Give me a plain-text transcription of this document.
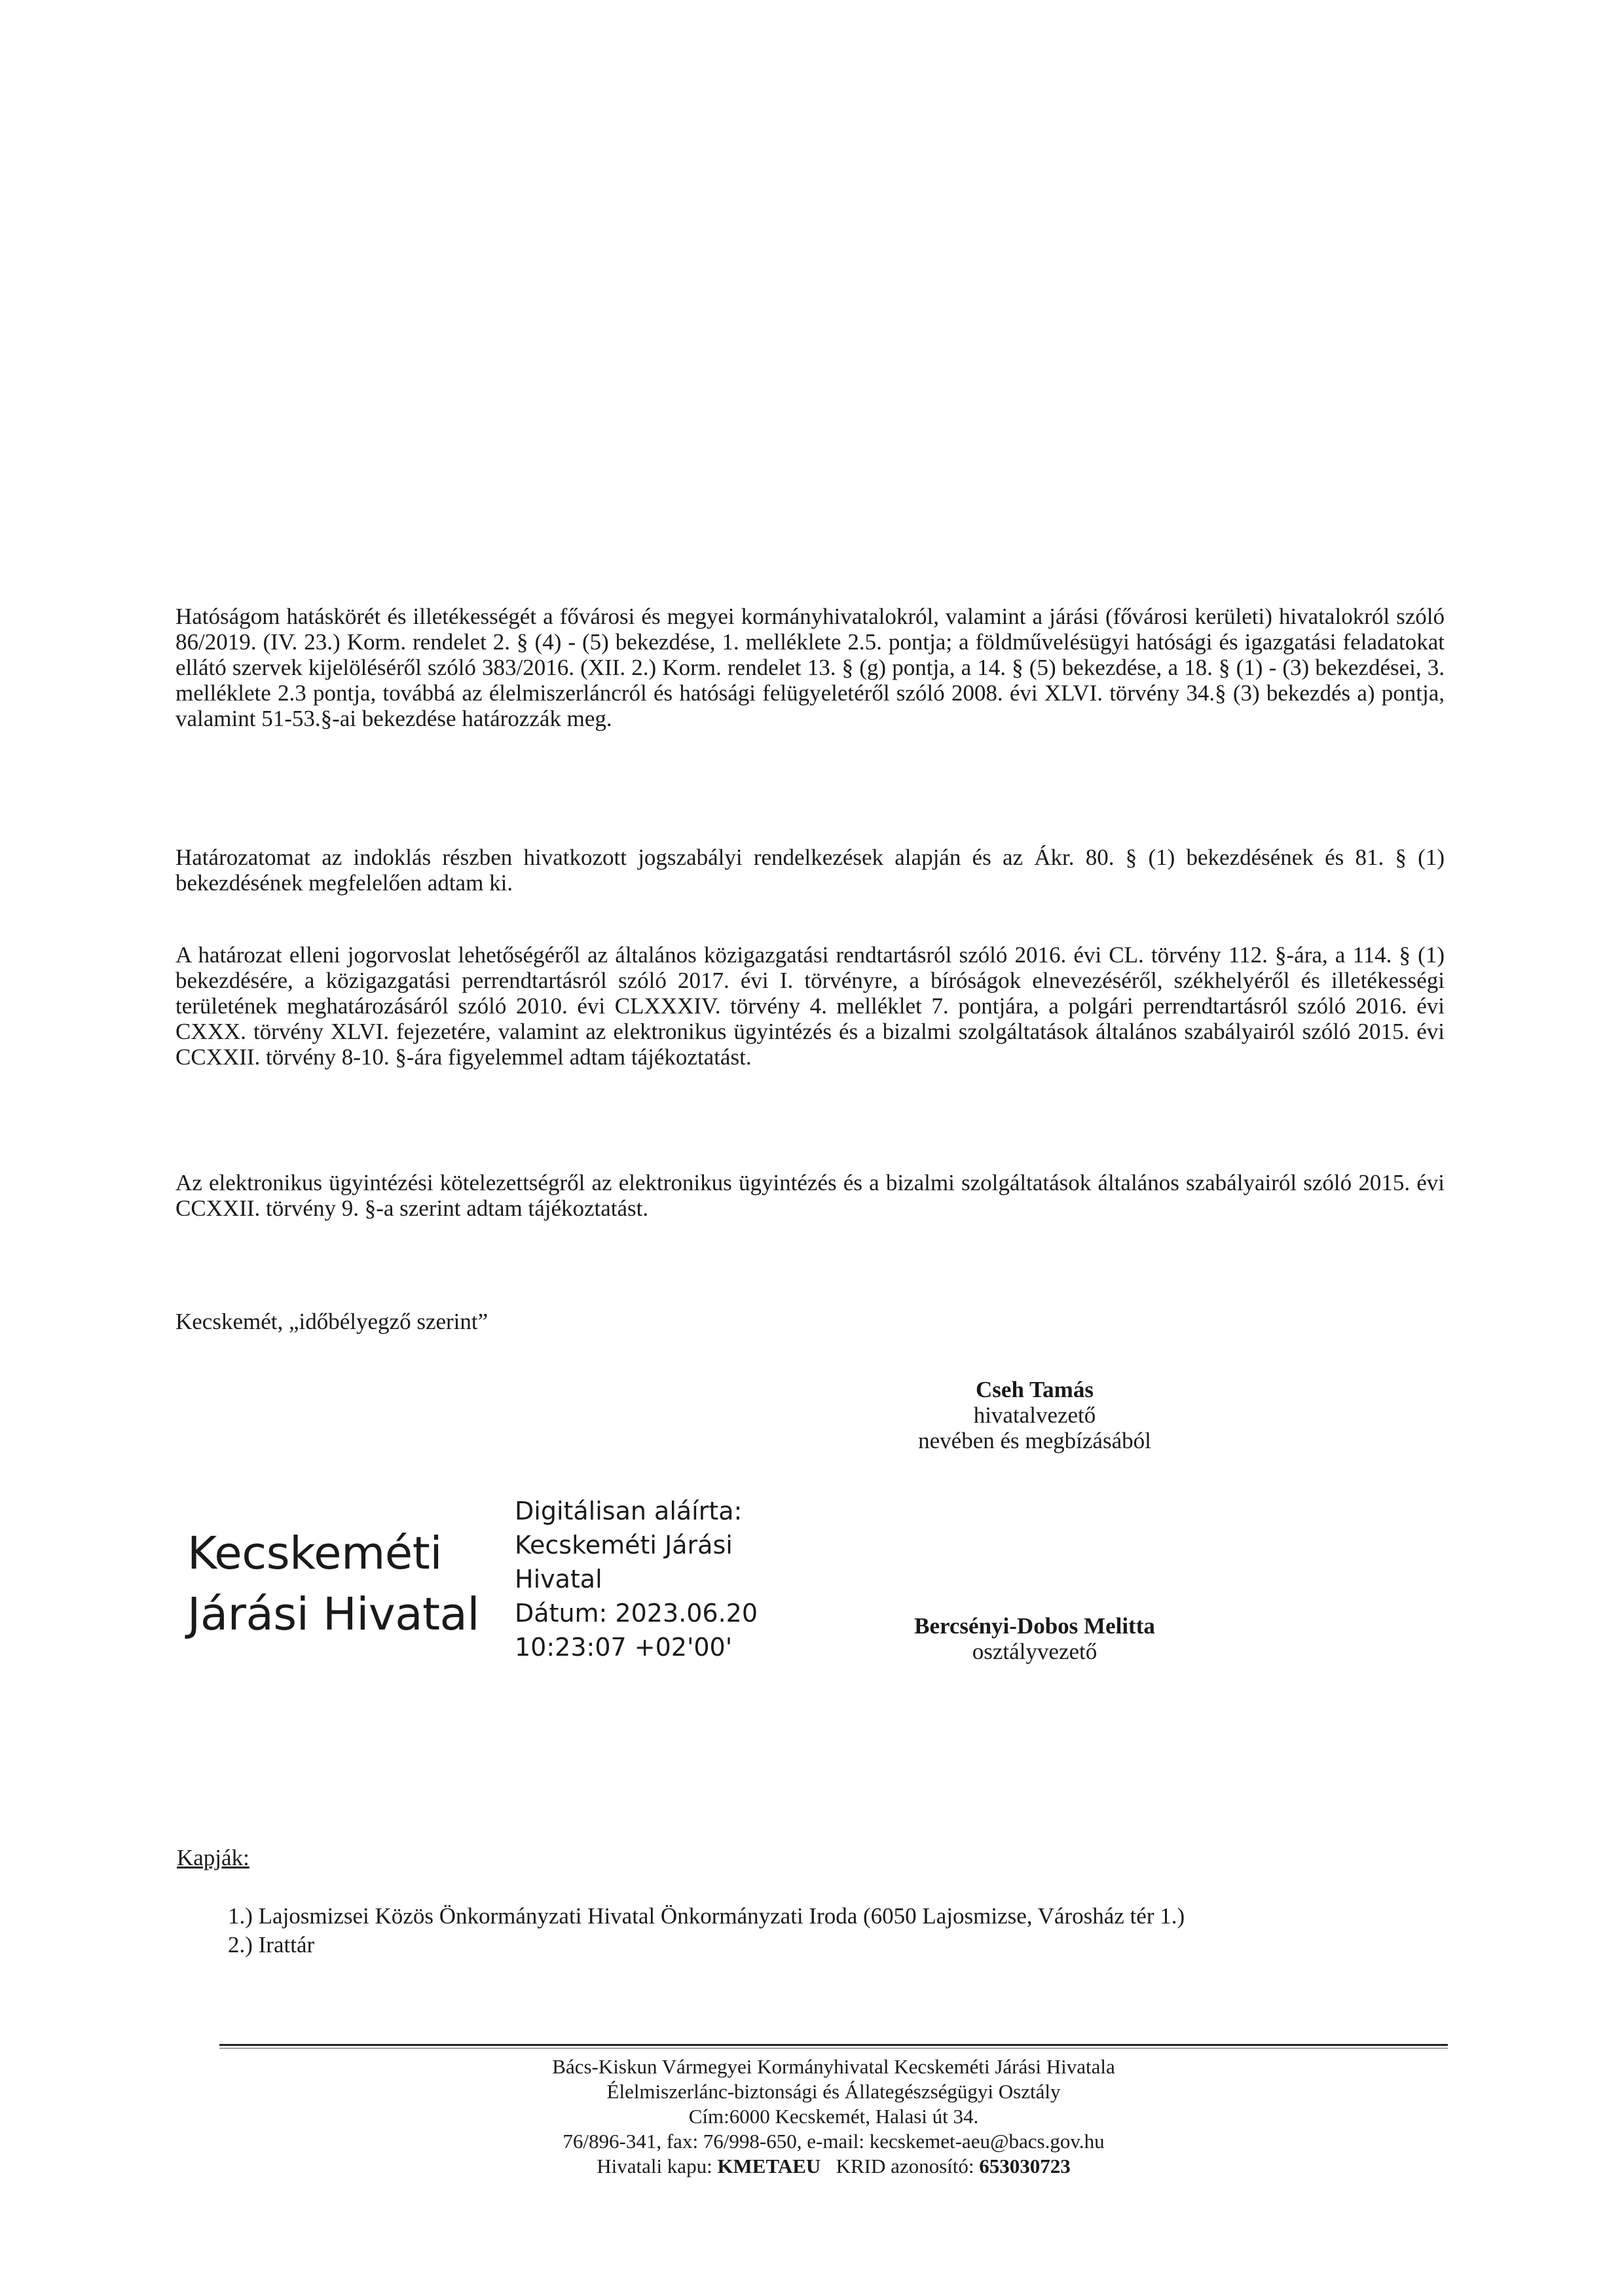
Hatóságom hatáskörét és illetékességét a fővárosi és megyei kormányhivatalokról, valamint a járási (fővárosi kerületi) hivatalokról szóló 86/2019. (IV. 23.) Korm. rendelet 2. § (4) - (5) bekezdése, 1. melléklete 2.5. pontja; a földművelésügyi hatósági és igazgatási feladatokat ellátó szervek kijelöléséről szóló 383/2016. (XII. 2.) Korm. rendelet 13. § (g) pontja, a 14. § (5) bekezdése, a 18. § (1) - (3) bekezdései, 3. melléklete 2.3 pontja, továbbá az élelmiszerláncról és hatósági felügyeletéről szóló 2008. évi XLVI. törvény 34.§ (3) bekezdés a) pontja, valamint 51-53.§-ai bekezdése határozzák meg.

Határozatomat az indoklás részben hivatkozott jogszabályi rendelkezések alapján és az Ákr. 80. § (1) bekezdésének és 81. § (1) bekezdésének megfelelően adtam ki.

A határozat elleni jogorvoslat lehetőségéről az általános közigazgatási rendtartásról szóló 2016. évi CL. törvény 112. §-ára, a 114. § (1) bekezdésére, a közigazgatási perrendtartásról szóló 2017. évi I. törvényre, a bíróságok elnevezéséről, székhelyéről és illetékességi területének meghatározásáról szóló 2010. évi CLXXXIV. törvény 4. melléklet 7. pontjára, a polgári perrendtartásról szóló 2016. évi CXXX. törvény XLVI. fejezetére, valamint az elektronikus ügyintézés és a bizalmi szolgáltatások általános szabályairól szóló 2015. évi CCXXII. törvény 8-10. §-ára figyelemmel adtam tájékoztatást.

Az elektronikus ügyintézési kötelezettségről az elektronikus ügyintézés és a bizalmi szolgáltatások általános szabályairól szóló 2015. évi CCXXII. törvény 9. §-a szerint adtam tájékoztatást.

Kecskemét, „időbélyegző szerint”
Cseh Tamás
hivatalvezető
nevében és megbízásából
Kecskeméti
Járási Hivatal
Digitálisan aláírta:
Kecskeméti Járási
Hivatal
Dátum: 2023.06.20
10:23:07 +02'00'
Bercsényi-Dobos Melitta
osztályvezető
Kapják:
1.) Lajosmizsei Közös Önkormányzati Hivatal Önkormányzati Iroda (6050 Lajosmizse, Városház tér 1.)
2.) Irattár
Bács-Kiskun Vármegyei Kormányhivatal Kecskeméti Járási Hivatala
Élelmiszerlánc-biztonsági és Állategészségügyi Osztály
Cím:6000 Kecskemét, Halasi út 34.
76/896-341, fax: 76/998-650, e-mail: kecskemet-aeu@bacs.gov.hu
Hivatali kapu: KMETAEU   KRID azonosító: 653030723
